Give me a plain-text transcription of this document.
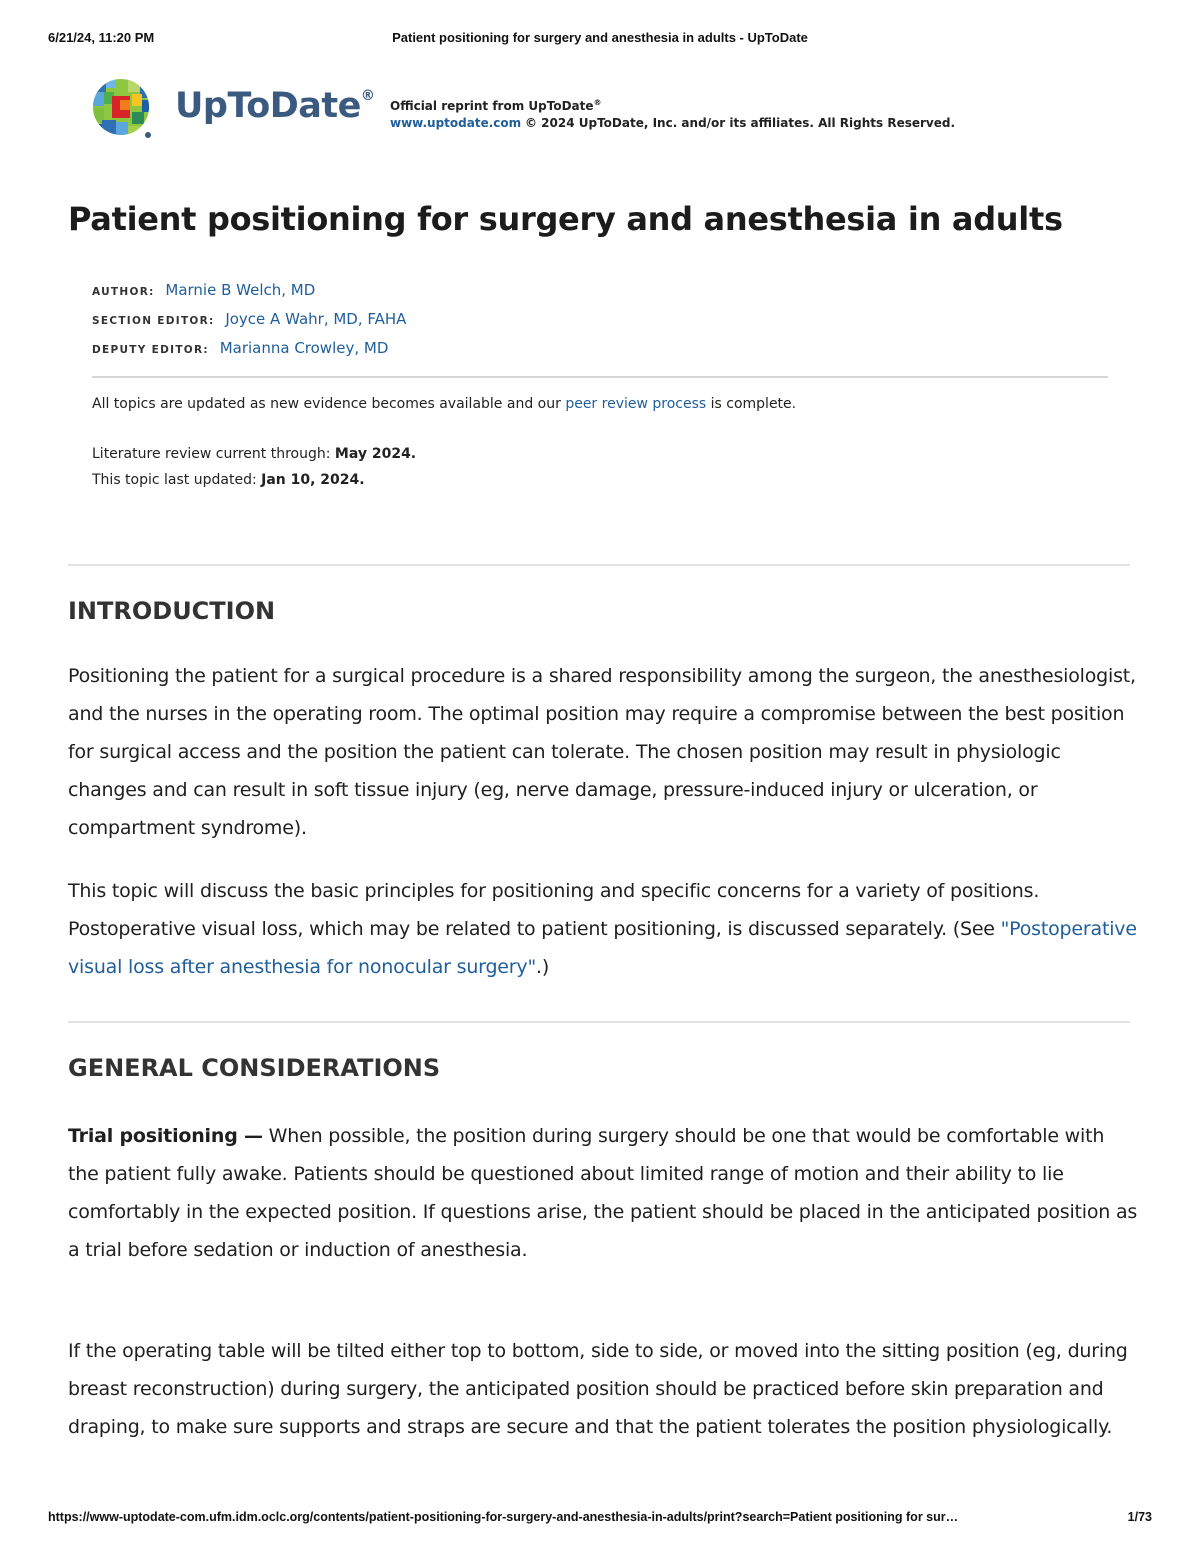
6/21/24, 11:20 PM	Patient positioning for surgery and anesthesia in adults - UpToDate
UpToDate®
Official reprint from UpToDate®
www.uptodate.com © 2024 UpToDate, Inc. and/or its affiliates. All Rights Reserved.
Patient positioning for surgery and anesthesia in adults
AUTHOR: Marnie B Welch, MD
SECTION EDITOR: Joyce A Wahr, MD, FAHA
DEPUTY EDITOR: Marianna Crowley, MD

All topics are updated as new evidence becomes available and our peer review process is complete.

Literature review current through: May 2024.

This topic last updated: Jan 10, 2024.

INTRODUCTION

Positioning the patient for a surgical procedure is a shared responsibility among the surgeon, the anesthesiologist, and the nurses in the operating room. The optimal position may require a compromise between the best position for surgical access and the position the patient can tolerate. The chosen position may result in physiologic changes and can result in soft tissue injury (eg, nerve damage, pressure-induced injury or ulceration, or compartment syndrome).

This topic will discuss the basic principles for positioning and specific concerns for a variety of positions. Postoperative visual loss, which may be related to patient positioning, is discussed separately. (See "Postoperative visual loss after anesthesia for nonocular surgery".)

GENERAL CONSIDERATIONS

Trial positioning — When possible, the position during surgery should be one that would be comfortable with the patient fully awake. Patients should be questioned about limited range of motion and their ability to lie comfortably in the expected position. If questions arise, the patient should be placed in the anticipated position as a trial before sedation or induction of anesthesia.

If the operating table will be tilted either top to bottom, side to side, or moved into the sitting position (eg, during breast reconstruction) during surgery, the anticipated position should be practiced before skin preparation and draping, to make sure supports and straps are secure and that the patient tolerates the position physiologically.

https://www-uptodate-com.ufm.idm.oclc.org/contents/patient-positioning-for-surgery-and-anesthesia-in-adults/print?search=Patient positioning for sur…	1/73
